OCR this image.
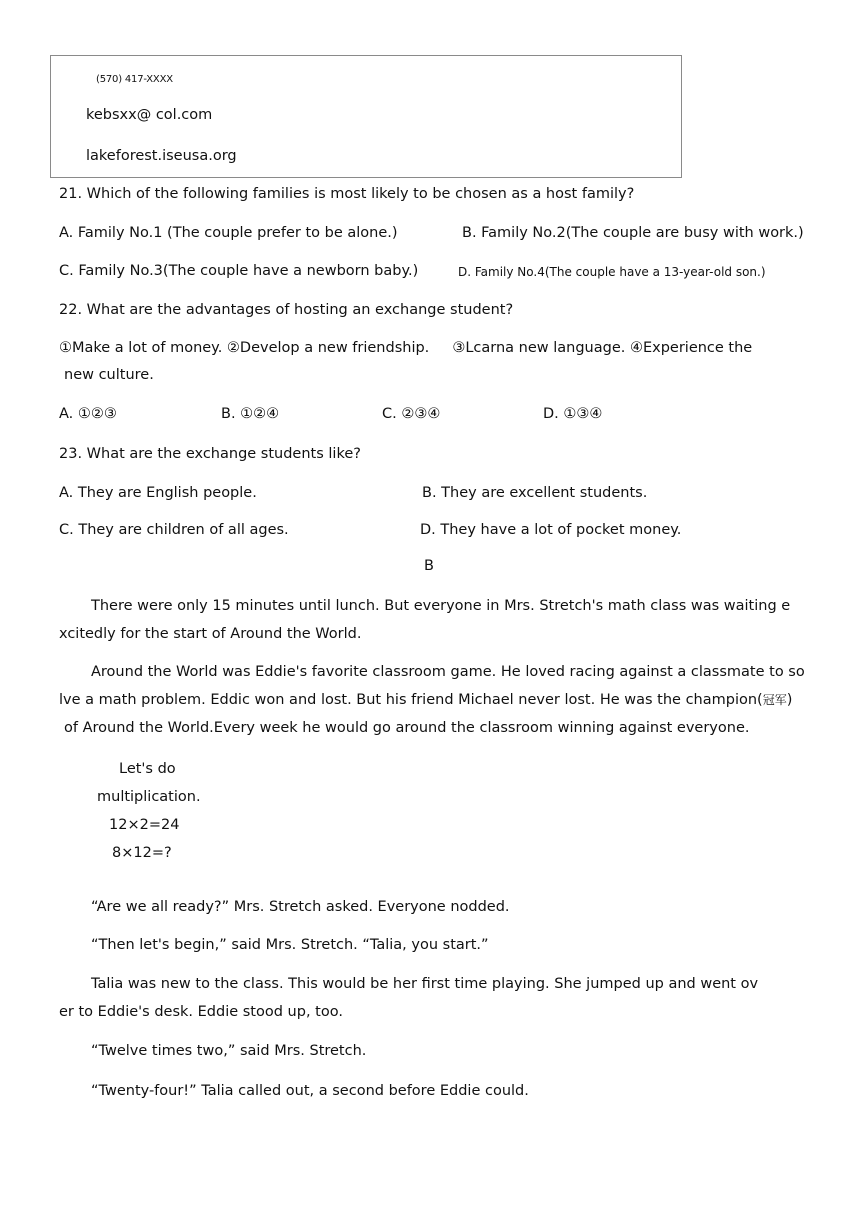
(570) 417-XXXX
kebsxx@ col.com
lakeforest.iseusa.org
21. Which of the following families is most likely to be chosen as a host family?
A. Family No.1 (The couple prefer to be alone.)	B. Family No.2(The couple are busy with work.)
C. Family No.3(The couple have a newborn baby.)	D. Family No.4(The couple have a 13-year-old son.)
22. What are the advantages of hosting an exchange student?
①Make a lot of money. ②Develop a new friendship.     ③Lcarna new language. ④Experience the
new culture.
A. ①②③	B. ①②④	C. ②③④	D. ①③④
23. What are the exchange students like?
A. They are English people.	B. They are excellent students.
C. They are children of all ages.	D. They have a lot of pocket money.
B
There were only 15 minutes until lunch. But everyone in Mrs. Stretch's math class was waiting e
xcitedly for the start of Around the World.
Around the World was Eddie's favorite classroom game. He loved racing against a classmate to so
lve a math problem. Eddic won and lost. But his friend Michael never lost. He was the champion(冠军)
of Around the World.Every week he would go around the classroom winning against everyone.
Let's do
multiplication.
12×2=24
8×12=?
“Are we all ready?” Mrs. Stretch asked. Everyone nodded.
“Then let's begin,” said Mrs. Stretch. “Talia, you start.”
Talia was new to the class. This would be her first time playing. She jumped up and went ov
er to Eddie's desk. Eddie stood up, too.
“Twelve times two,” said Mrs. Stretch.
“Twenty-four!” Talia called out, a second before Eddie could.
